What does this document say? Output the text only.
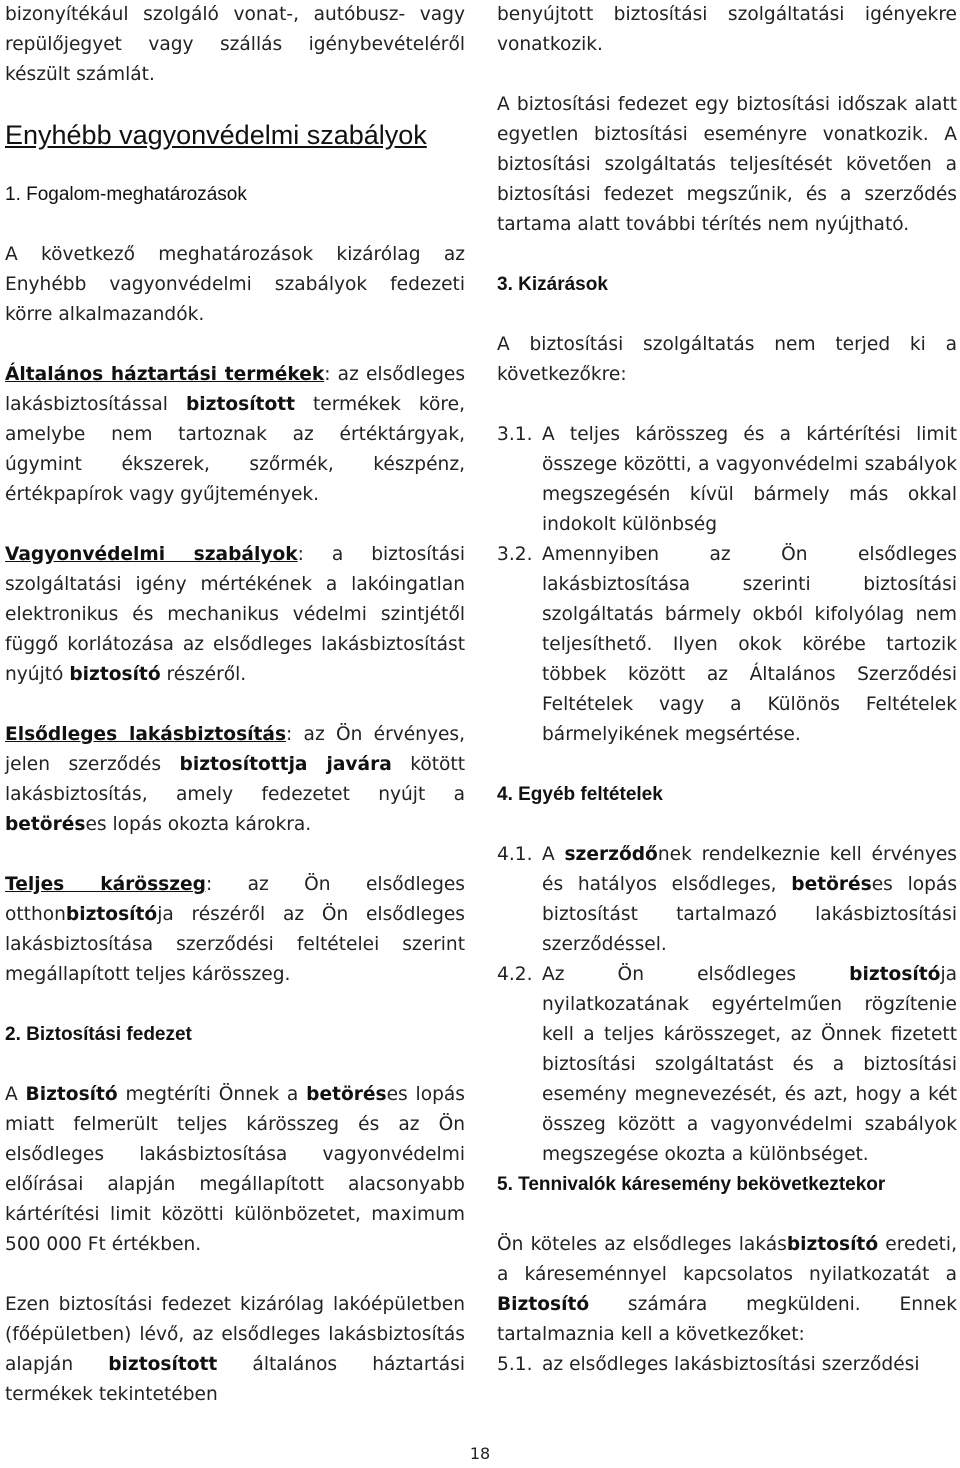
bizonyítékául szolgáló vonat-, autóbusz- vagy repülőjegyet vagy szállás igénybevételéről készült számlát.

Enyhébb vagyonvédelmi szabályok
1. Fogalom-meghatározások

A következő meghatározások kizárólag az Enyhébb vagyonvédelmi szabályok fedezeti körre alkalmazandók.

Általános háztartási termékek: az elsődleges lakásbiztosítással biztosított termékek köre, amelybe nem tartoznak az értéktárgyak, úgymint ékszerek, szőrmék, készpénz, értékpapírok vagy gyűjtemények.

Vagyonvédelmi szabályok: a biztosítási szolgáltatási igény mértékének a lakóingatlan elektronikus és mechanikus védelmi szintjétől függő korlátozása az elsődleges lakásbiztosítást nyújtó biztosító részéről.

Elsődleges lakásbiztosítás: az Ön érvényes, jelen szerződés biztosítottja javára kötött lakásbiztosítás, amely fedezetet nyújt a betöréses lopás okozta károkra.

Teljes kárösszeg: az Ön elsődleges otthonbiztosítója részéről az Ön elsődleges lakásbiztosítása szerződési feltételei szerint megállapított teljes kárösszeg.

2. Biztosítási fedezet

A Biztosító megtéríti Önnek a betöréses lopás miatt felmerült teljes kárösszeg és az Ön elsődleges lakásbiztosítása vagyonvédelmi előírásai alapján megállapított alacsonyabb kártérítési limit közötti különbözetet, maximum 500 000 Ft értékben.

Ezen biztosítási fedezet kizárólag lakóépületben (főépületben) lévő, az elsődleges lakásbiztosítás alapján biztosított általános háztartási termékek tekintetében

benyújtott biztosítási szolgáltatási igényekre vonatkozik.

A biztosítási fedezet egy biztosítási időszak alatt egyetlen biztosítási eseményre vonatkozik. A biztosítási szolgáltatás teljesítését követően a biztosítási fedezet megszűnik, és a szerződés tartama alatt további térítés nem nyújtható.

3. Kizárások

A biztosítási szolgáltatás nem terjed ki a következőkre:

3.1. A teljes kárösszeg és a kártérítési limit összege közötti, a vagyonvédelmi szabályok megszegésén kívül bármely más okkal indokolt különbség
3.2. Amennyiben az Ön elsődleges lakásbiztosítása szerinti biztosítási szolgáltatás bármely okból kifolyólag nem teljesíthető. Ilyen okok körébe tartozik többek között az Általános Szerződési Feltételek vagy a Különös Feltételek bármelyikének megsértése.
4. Egyéb feltételek
4.1. A szerződőnek rendelkeznie kell érvényes és hatályos elsődleges, betöréses lopás biztosítást tartalmazó lakásbiztosítási szerződéssel.
4.2. Az Ön elsődleges biztosítója nyilatkozatának egyértelműen rögzítenie kell a teljes kárösszeget, az Önnek fizetett biztosítási szolgáltatást és a biztosítási esemény megnevezését, és azt, hogy a két összeg között a vagyonvédelmi szabályok megszegése okozta a különbséget.
5. Tennivalók káresemény bekövetkeztekor

Ön köteles az elsődleges lakásbiztosító eredeti, a káreseménnyel kapcsolatos nyilatkozatát a Biztosító számára megküldeni. Ennek tartalmaznia kell a következőket:

5.1. az elsődleges lakásbiztosítási szerződési
18
